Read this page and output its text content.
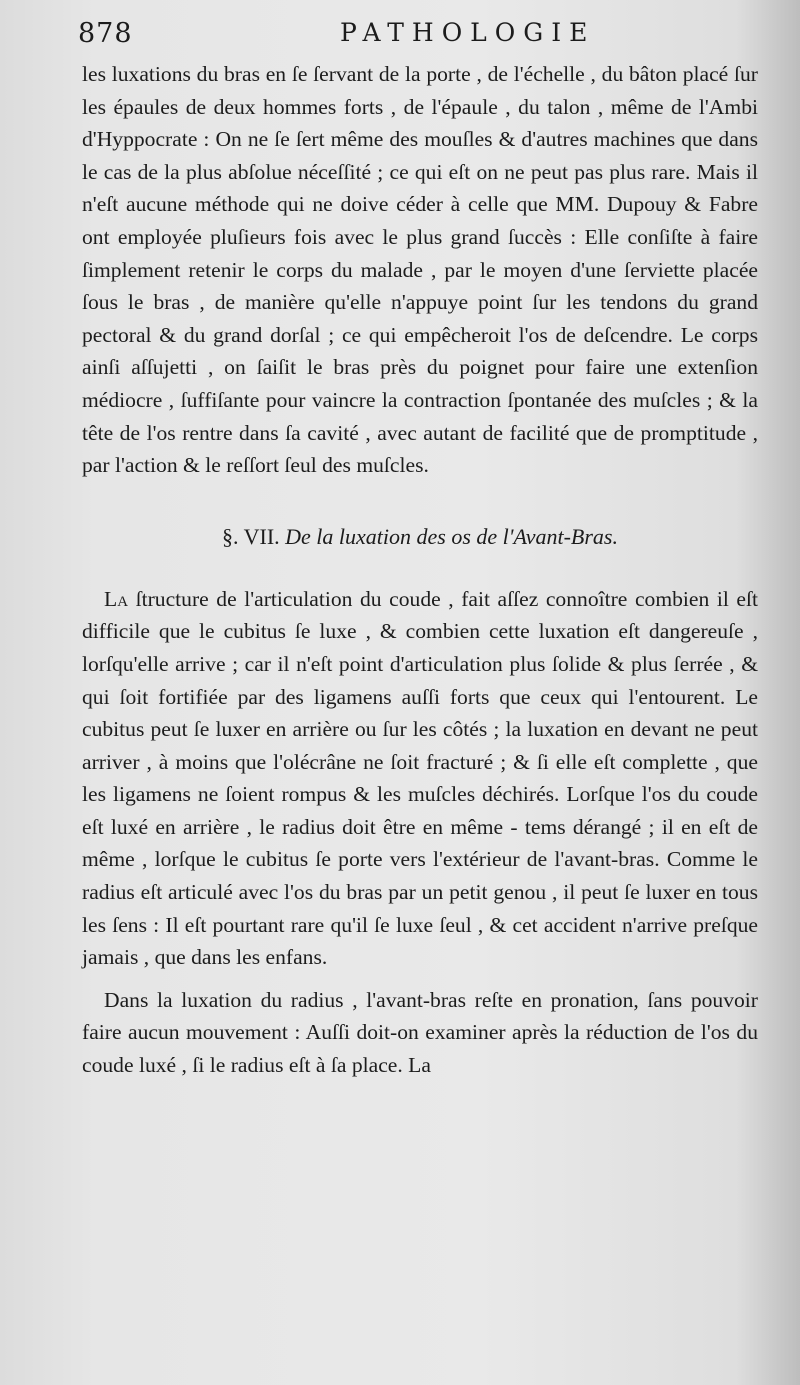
878	PATHOLOGIE

les luxations du bras en ſe ſervant de la porte , de l'échelle , du bâton placé ſur les épaules de deux hommes forts , de l'épaule , du talon , même de l'Ambi d'Hyppocrate : On ne ſe ſert même des mouſles & d'autres machines que dans le cas de la plus abſolue néceſſité ; ce qui eſt on ne peut pas plus rare. Mais il n'eſt aucune méthode qui ne doive céder à celle que MM. Dupouy & Fabre ont employée pluſieurs fois avec le plus grand ſuccès : Elle conſiſte à faire ſimplement retenir le corps du malade , par le moyen d'une ſerviette placée ſous le bras , de manière qu'elle n'appuye point ſur les tendons du grand pectoral & du grand dorſal ; ce qui empêcheroit l'os de deſcendre. Le corps ainſi aſſujetti , on ſaiſit le bras près du poignet pour faire une extenſion médiocre , ſuffiſante pour vaincre la contraction ſpontanée des muſcles ; & la tête de l'os rentre dans ſa cavité , avec autant de facilité que de promptitude , par l'action & le reſſort ſeul des muſcles.

§. VII. De la luxation des os de l'Avant-Bras.

La ſtructure de l'articulation du coude , fait aſſez connoître combien il eſt difficile que le cubitus ſe luxe , & combien cette luxation eſt dangereuſe , lorſqu'elle arrive ; car il n'eſt point d'articulation plus ſolide & plus ſerrée , & qui ſoit fortifiée par des ligamens auſſi forts que ceux qui l'entourent. Le cubitus peut ſe luxer en arrière ou ſur les côtés ; la luxation en devant ne peut arriver , à moins que l'olécrâne ne ſoit fracturé ; & ſi elle eſt complette , que les ligamens ne ſoient rompus & les muſcles déchirés. Lorſque l'os du coude eſt luxé en arrière , le radius doit être en même - tems dérangé ; il en eſt de même , lorſque le cubitus ſe porte vers l'extérieur de l'avant-bras. Comme le radius eſt articulé avec l'os du bras par un petit genou , il peut ſe luxer en tous les ſens : Il eſt pourtant rare qu'il ſe luxe ſeul , & cet accident n'arrive preſque jamais , que dans les enfans.

Dans la luxation du radius , l'avant-bras reſte en pronation, ſans pouvoir faire aucun mouvement : Auſſi doit-on examiner après la réduction de l'os du coude luxé , ſi le radius eſt à ſa place. La
